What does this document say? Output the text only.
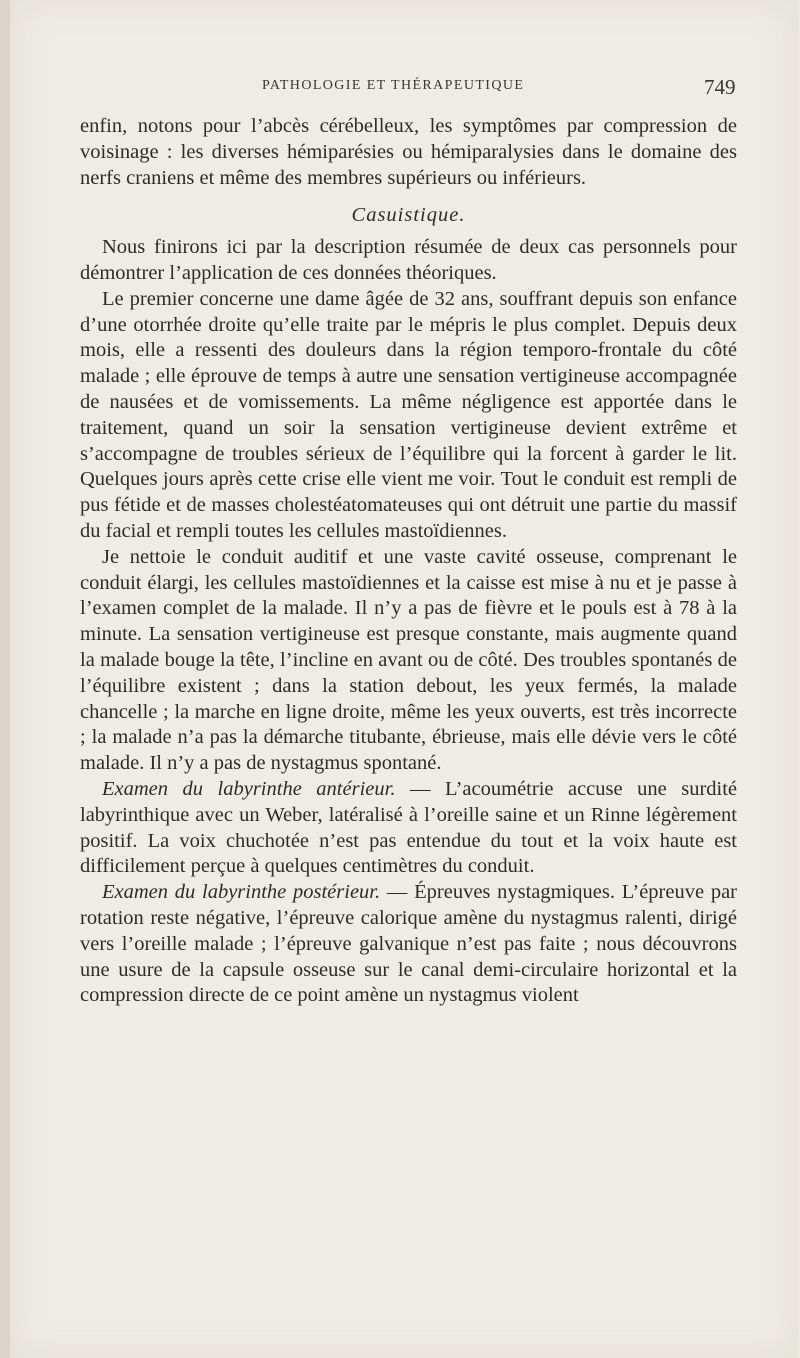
PATHOLOGIE ET THÉRAPEUTIQUE	749

enfin, notons pour l’abcès cérébelleux, les symptômes par compression de voisinage : les diverses hémiparésies ou hémiparalysies dans le domaine des nerfs craniens et même des membres supérieurs ou inférieurs.

Casuistique.

Nous finirons ici par la description résumée de deux cas personnels pour démontrer l’application de ces données théoriques.

Le premier concerne une dame âgée de 32 ans, souffrant depuis son enfance d’une otorrhée droite qu’elle traite par le mépris le plus complet. Depuis deux mois, elle a ressenti des douleurs dans la région temporo-frontale du côté malade ; elle éprouve de temps à autre une sensation vertigineuse accompagnée de nausées et de vomissements. La même négligence est apportée dans le traitement, quand un soir la sensation vertigineuse devient extrême et s’accompagne de troubles sérieux de l’équilibre qui la forcent à garder le lit. Quelques jours après cette crise elle vient me voir. Tout le conduit est rempli de pus fétide et de masses cholestéatomateuses qui ont détruit une partie du massif du facial et rempli toutes les cellules mastoïdiennes.

Je nettoie le conduit auditif et une vaste cavité osseuse, comprenant le conduit élargi, les cellules mastoïdiennes et la caisse est mise à nu et je passe à l’examen complet de la malade. Il n’y a pas de fièvre et le pouls est à 78 à la minute. La sensation vertigineuse est presque constante, mais augmente quand la malade bouge la tête, l’incline en avant ou de côté. Des troubles spontanés de l’équilibre existent ; dans la station debout, les yeux fermés, la malade chancelle ; la marche en ligne droite, même les yeux ouverts, est très incorrecte ; la malade n’a pas la démarche titubante, ébrieuse, mais elle dévie vers le côté malade. Il n’y a pas de nystagmus spontané.

Examen du labyrinthe antérieur. — L’acoumétrie accuse une surdité labyrinthique avec un Weber, latéralisé à l’oreille saine et un Rinne légèrement positif. La voix chuchotée n’est pas entendue du tout et la voix haute est difficilement perçue à quelques centimètres du conduit.

Examen du labyrinthe postérieur. — Épreuves nystagmiques. L’épreuve par rotation reste négative, l’épreuve calorique amène du nystagmus ralenti, dirigé vers l’oreille malade ; l’épreuve galvanique n’est pas faite ; nous découvrons une usure de la capsule osseuse sur le canal demi-circulaire horizontal et la compression directe de ce point amène un nystagmus violent
